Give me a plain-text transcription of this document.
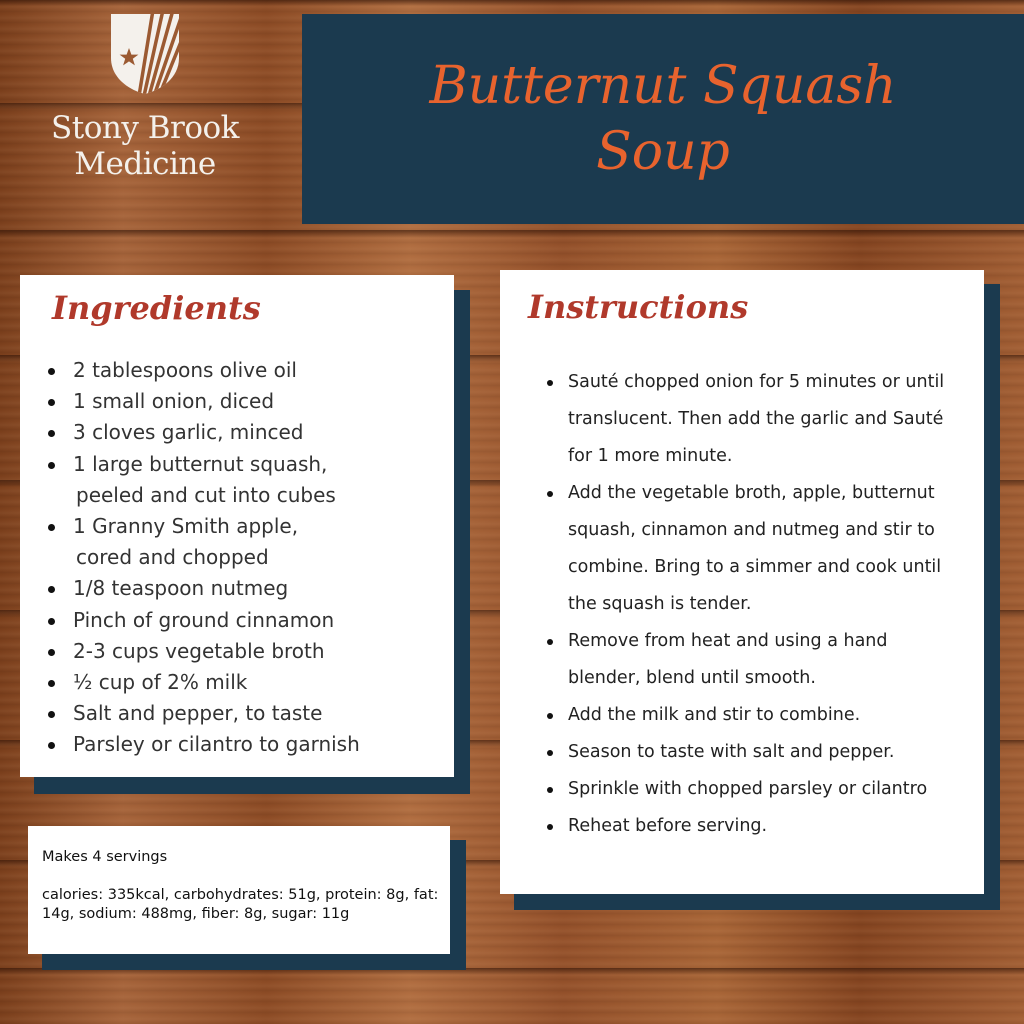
Stony Brook
Medicine
Butternut Squash
Soup
Ingredients
2 tablespoons olive oil
1 small onion, diced
3 cloves garlic, minced
1 large butternut squash,
peeled and cut into cubes
1 Granny Smith apple,
cored and chopped
1/8 teaspoon nutmeg
Pinch of ground cinnamon
2-3 cups vegetable broth
½ cup of 2% milk
Salt and pepper, to taste
Parsley or cilantro to garnish
Makes 4 servings
calories: 335kcal, carbohydrates: 51g, protein: 8g, fat: 14g, sodium: 488mg, fiber: 8g, sugar: 11g
Instructions
Sauté chopped onion for 5 minutes or until translucent. Then add the garlic and Sauté for 1 more minute.
Add the vegetable broth, apple, butternut squash, cinnamon and nutmeg and stir to combine. Bring to a simmer and cook until the squash is tender.
Remove from heat and using a hand blender, blend until smooth.
Add the milk and stir to combine.
Season to taste with salt and pepper.
Sprinkle with chopped parsley or cilantro
Reheat before serving.
